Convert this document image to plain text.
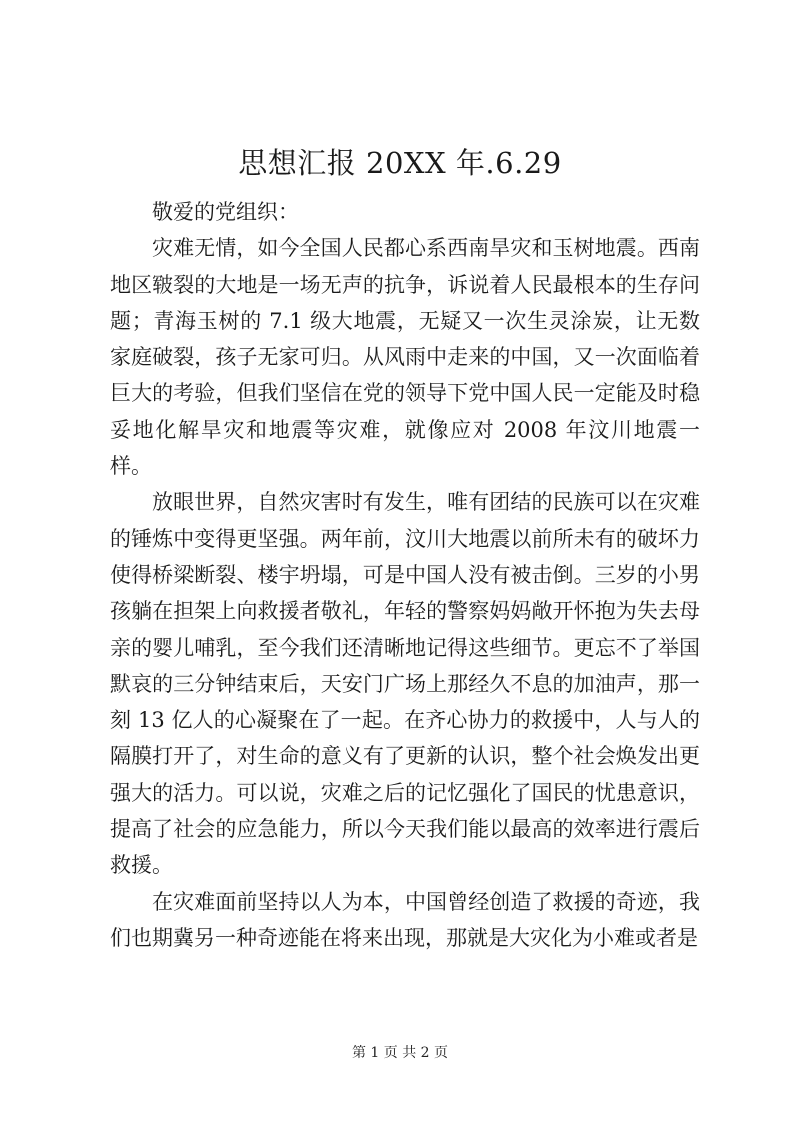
思想汇报 20XX 年.6.29

敬爱的党组织：

灾难无情，如今全国人民都心系西南旱灾和玉树地震。西南地区皲裂的大地是一场无声的抗争，诉说着人民最根本的生存问题；青海玉树的 7.1 级大地震，无疑又一次生灵涂炭，让无数家庭破裂，孩子无家可归。从风雨中走来的中国，又一次面临着巨大的考验，但我们坚信在党的领导下党中国人民一定能及时稳妥地化解旱灾和地震等灾难，就像应对 2008 年汶川地震一样。

放眼世界，自然灾害时有发生，唯有团结的民族可以在灾难的锤炼中变得更坚强。两年前，汶川大地震以前所未有的破坏力使得桥梁断裂、楼宇坍塌，可是中国人没有被击倒。三岁的小男孩躺在担架上向救援者敬礼，年轻的警察妈妈敞开怀抱为失去母亲的婴儿哺乳，至今我们还清晰地记得这些细节。更忘不了举国默哀的三分钟结束后，天安门广场上那经久不息的加油声，那一刻 13 亿人的心凝聚在了一起。在齐心协力的救援中，人与人的隔膜打开了，对生命的意义有了更新的认识，整个社会焕发出更强大的活力。可以说，灾难之后的记忆强化了国民的忧患意识，提高了社会的应急能力，所以今天我们能以最高的效率进行震后救援。

在灾难面前坚持以人为本，中国曾经创造了救援的奇迹，我们也期冀另一种奇迹能在将来出现，那就是大灾化为小难或者是

第 1 页 共 2 页
